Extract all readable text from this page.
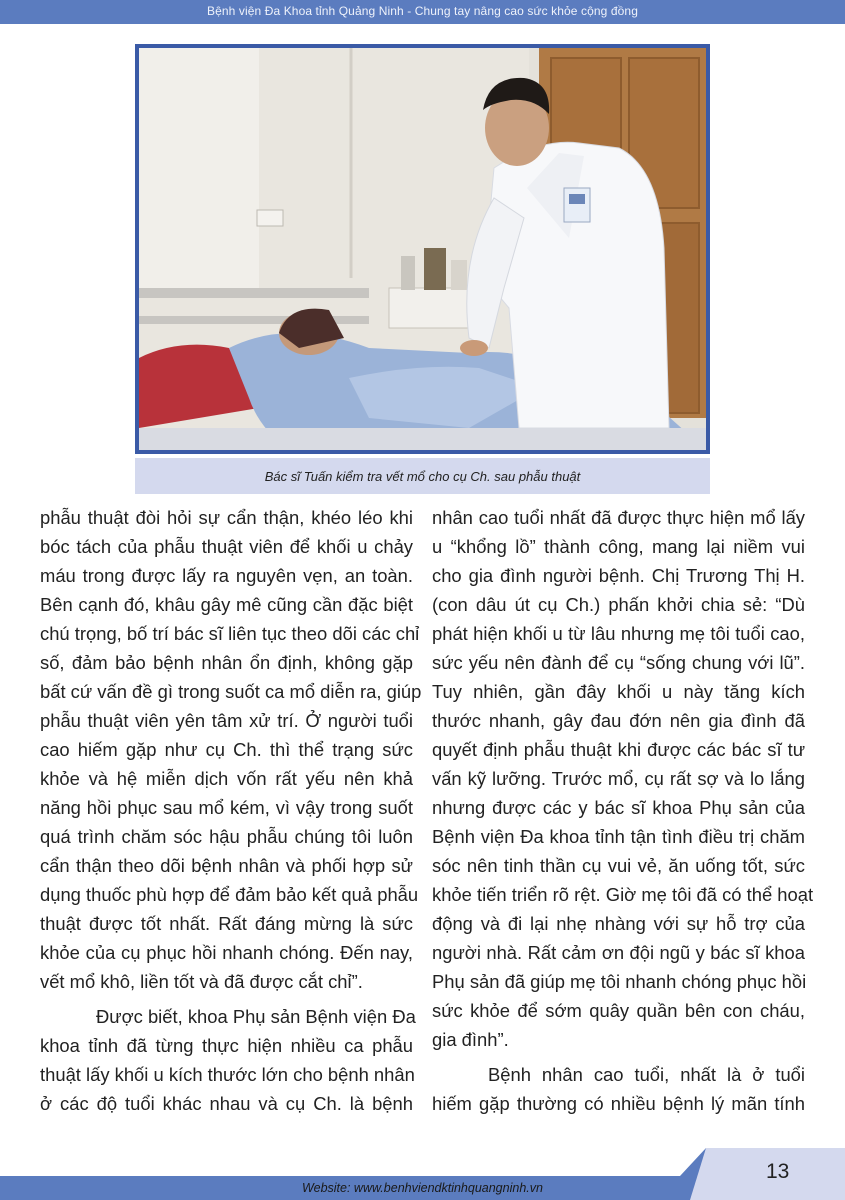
Bệnh viện Đa Khoa tỉnh Quảng Ninh - Chung tay nâng cao sức khỏe cộng đồng
Bác sĩ Tuấn kiểm tra vết mổ cho cụ Ch. sau phẫu thuật
phẫu thuật đòi hỏi sự cẩn thận, khéo léo khi
bóc tách của phẫu thuật viên để khối u chảy
máu trong được lấy ra nguyên vẹn, an toàn.
Bên cạnh đó, khâu gây mê cũng cần đặc biệt
chú trọng, bố trí bác sĩ liên tục theo dõi các chỉ
số, đảm bảo bệnh nhân ổn định, không gặp
bất cứ vấn đề gì trong suốt ca mổ diễn ra, giúp
phẫu thuật viên yên tâm xử trí. Ở người tuổi
cao hiếm gặp như cụ Ch. thì thể trạng sức
khỏe và hệ miễn dịch vốn rất yếu nên khả
năng hồi phục sau mổ kém, vì vậy trong suốt
quá trình chăm sóc hậu phẫu chúng tôi luôn
cẩn thận theo dõi bệnh nhân và phối hợp sử
dụng thuốc phù hợp để đảm bảo kết quả phẫu
thuật được tốt nhất. Rất đáng mừng là sức
khỏe của cụ phục hồi nhanh chóng. Đến nay,
vết mổ khô, liền tốt và đã được cắt chỉ”.
Được biết, khoa Phụ sản Bệnh viện Đa
khoa tỉnh đã từng thực hiện nhiều ca phẫu
thuật lấy khối u kích thước lớn cho bệnh nhân
ở các độ tuổi khác nhau và cụ Ch. là bệnh
nhân cao tuổi nhất đã được thực hiện mổ lấy
u “khổng lồ” thành công, mang lại niềm vui
cho gia đình người bệnh. Chị Trương Thị H.
(con dâu út cụ Ch.) phấn khởi chia sẻ: “Dù
phát hiện khối u từ lâu nhưng mẹ tôi tuổi cao,
sức yếu nên đành để cụ “sống chung với lũ”.
Tuy nhiên, gần đây khối u này tăng kích
thước nhanh, gây đau đớn nên gia đình đã
quyết định phẫu thuật khi được các bác sĩ tư
vấn kỹ lưỡng. Trước mổ, cụ rất sợ và lo lắng
nhưng được các y bác sĩ khoa Phụ sản của
Bệnh viện Đa khoa tỉnh tận tình điều trị chăm
sóc nên tinh thần cụ vui vẻ, ăn uống tốt, sức
khỏe tiến triển rõ rệt. Giờ mẹ tôi đã có thể hoạt
động và đi lại nhẹ nhàng với sự hỗ trợ của
người nhà. Rất cảm ơn đội ngũ y bác sĩ khoa
Phụ sản đã giúp mẹ tôi nhanh chóng phục hồi
sức khỏe để sớm quây quần bên con cháu,
gia đình”.
Bệnh nhân cao tuổi, nhất là ở tuổi
hiếm gặp thường có nhiều bệnh lý mãn tính
Website: www.benhviendktinhquangninh.vn
13
